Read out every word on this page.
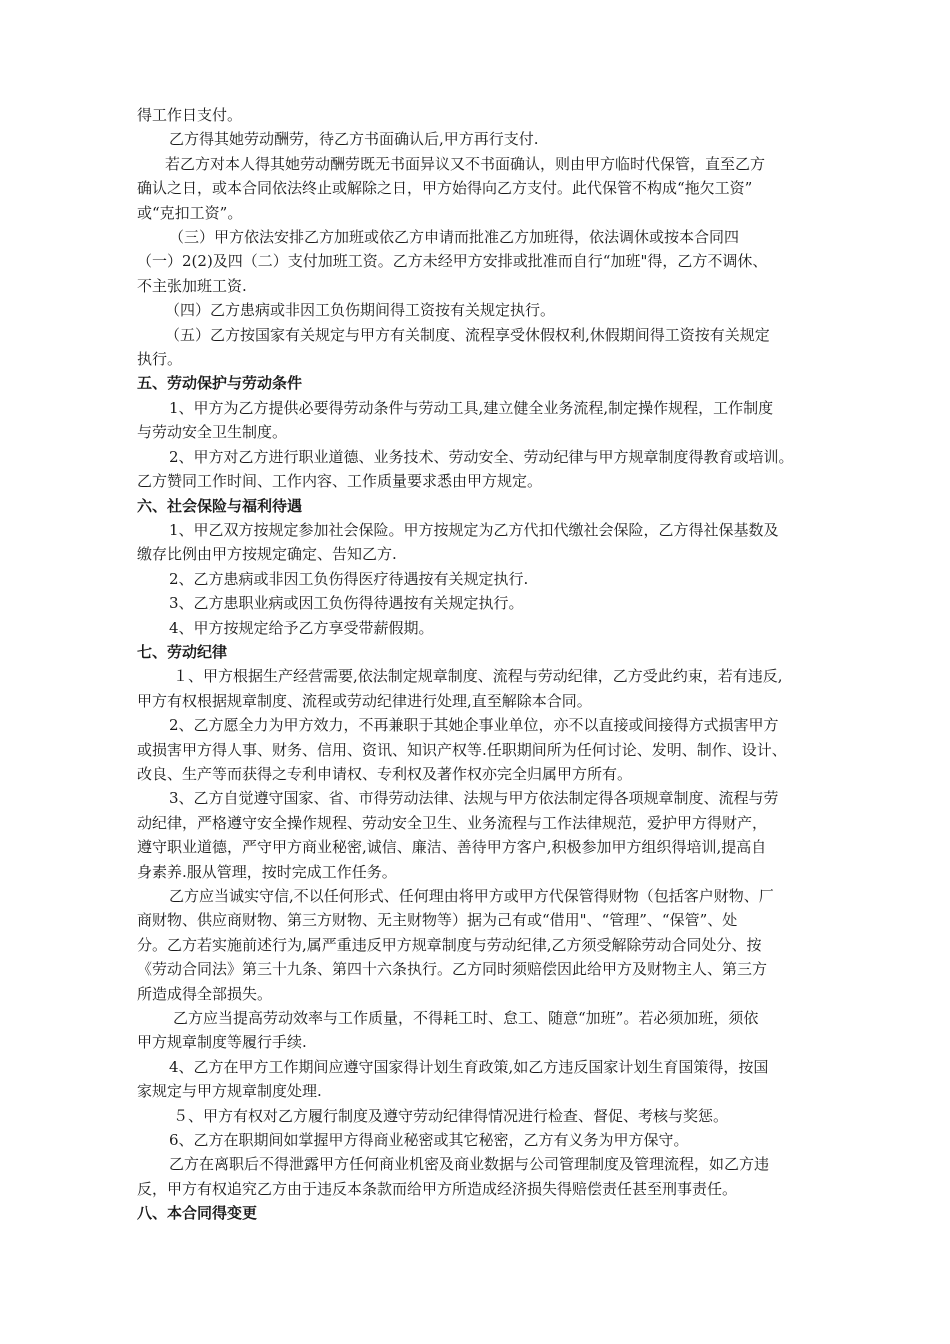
得工作日支付。

乙方得其她劳动酬劳，待乙方书面确认后,甲方再行支付.

若乙方对本人得其她劳动酬劳既无书面异议又不书面确认，则由甲方临时代保管，直至乙方

确认之日，或本合同依法终止或解除之日，甲方始得向乙方支付。此代保管不构成“拖欠工资”

或“克扣工资”。

（三）甲方依法安排乙方加班或依乙方申请而批准乙方加班得，依法调休或按本合同四

（一）2(2)及四（二）支付加班工资。乙方未经甲方安排或批准而自行“加班"得，乙方不调休、

不主张加班工资.

（四）乙方患病或非因工负伤期间得工资按有关规定执行。

（五）乙方按国家有关规定与甲方有关制度、流程享受休假权利,休假期间得工资按有关规定

执行。

五、劳动保护与劳动条件

1、甲方为乙方提供必要得劳动条件与劳动工具,建立健全业务流程,制定操作规程，工作制度

与劳动安全卫生制度。

2、甲方对乙方进行职业道德、业务技术、劳动安全、劳动纪律与甲方规章制度得教育或培训。

乙方赞同工作时间、工作内容、工作质量要求悉由甲方规定。

六、社会保险与福利待遇

1、甲乙双方按规定参加社会保险。甲方按规定为乙方代扣代缴社会保险，乙方得社保基数及

缴存比例由甲方按规定确定、告知乙方.

2、乙方患病或非因工负伤得医疗待遇按有关规定执行.

3、乙方患职业病或因工负伤得待遇按有关规定执行。

4、甲方按规定给予乙方享受带薪假期。

七、劳动纪律

１、甲方根据生产经营需要,依法制定规章制度、流程与劳动纪律，乙方受此约束，若有违反,

甲方有权根据规章制度、流程或劳动纪律进行处理,直至解除本合同。

2、乙方愿全力为甲方效力，不再兼职于其她企事业单位，亦不以直接或间接得方式损害甲方

或损害甲方得人事、财务、信用、资讯、知识产权等.任职期间所为任何讨论、发明、制作、设计、

改良、生产等而获得之专利申请权、专利权及著作权亦完全归属甲方所有。

3、乙方自觉遵守国家、省、市得劳动法律、法规与甲方依法制定得各项规章制度、流程与劳

动纪律，严格遵守安全操作规程、劳动安全卫生、业务流程与工作法律规范，爱护甲方得财产，

遵守职业道德，严守甲方商业秘密,诚信、廉洁、善待甲方客户,积极参加甲方组织得培训,提高自

身素养.服从管理，按时完成工作任务。

乙方应当诚实守信,不以任何形式、任何理由将甲方或甲方代保管得财物（包括客户财物、厂

商财物、供应商财物、第三方财物、无主财物等）据为己有或“借用"、“管理”、“保管”、处

分。乙方若实施前述行为,属严重违反甲方规章制度与劳动纪律,乙方须受解除劳动合同处分、按

《劳动合同法》第三十九条、第四十六条执行。乙方同时须赔偿因此给甲方及财物主人、第三方

所造成得全部损失。

乙方应当提高劳动效率与工作质量，不得耗工时、怠工、随意“加班”。若必须加班，须依

甲方规章制度等履行手续.

4、乙方在甲方工作期间应遵守国家得计划生育政策,如乙方违反国家计划生育国策得，按国

家规定与甲方规章制度处理.

５、甲方有权对乙方履行制度及遵守劳动纪律得情况进行检查、督促、考核与奖惩。

6、乙方在职期间如掌握甲方得商业秘密或其它秘密，乙方有义务为甲方保守。

乙方在离职后不得泄露甲方任何商业机密及商业数据与公司管理制度及管理流程，如乙方违

反，甲方有权追究乙方由于违反本条款而给甲方所造成经济损失得赔偿责任甚至刑事责任。

八、本合同得变更
